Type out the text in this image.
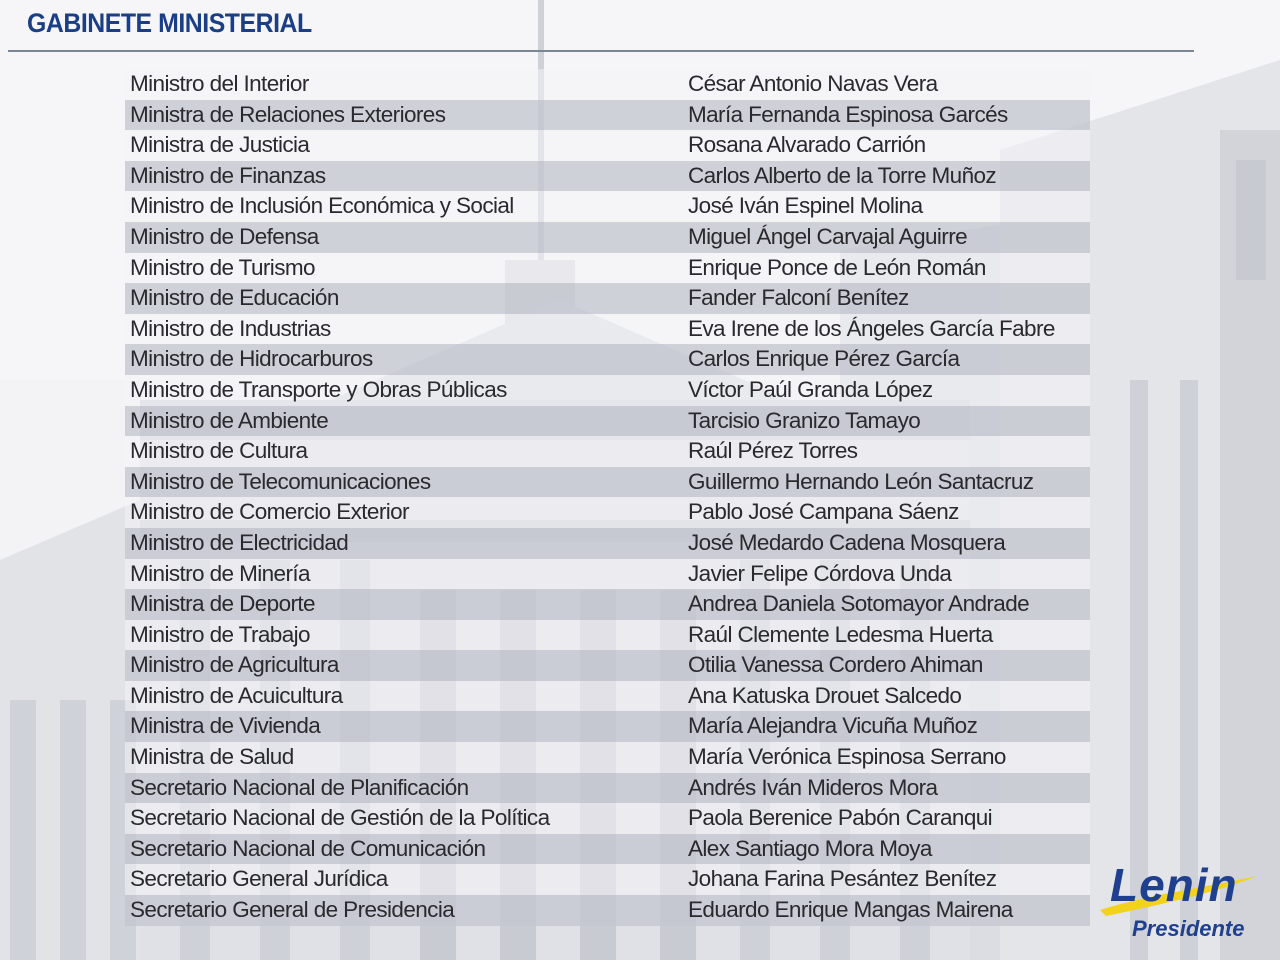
GABINETE MINISTERIAL
Ministro del Interior	César Antonio Navas Vera
Ministra de Relaciones Exteriores	María Fernanda Espinosa Garcés
Ministra de Justicia	Rosana Alvarado Carrión
Ministro de Finanzas	Carlos Alberto de la Torre Muñoz
Ministro de Inclusión Económica y Social	José Iván Espinel Molina
Ministro de Defensa	Miguel Ángel Carvajal Aguirre
Ministro de Turismo	Enrique Ponce de León Román
Ministro de Educación	Fander Falconí Benítez
Ministro de Industrias	Eva Irene de los Ángeles García Fabre
Ministro de Hidrocarburos	Carlos Enrique Pérez García
Ministro de Transporte y Obras Públicas	Víctor Paúl Granda López
Ministro de Ambiente	Tarcisio Granizo Tamayo
Ministro de Cultura	Raúl Pérez Torres
Ministro de Telecomunicaciones	Guillermo Hernando León Santacruz
Ministro de Comercio Exterior	Pablo José Campana Sáenz
Ministro de Electricidad	José Medardo Cadena Mosquera
Ministro de Minería	Javier Felipe Córdova Unda
Ministra de Deporte	Andrea Daniela Sotomayor Andrade
Ministro de Trabajo	Raúl Clemente Ledesma Huerta
Ministro de Agricultura	Otilia Vanessa Cordero Ahiman
Ministro de Acuicultura	Ana Katuska Drouet Salcedo
Ministra de Vivienda	María Alejandra Vicuña Muñoz
Ministra de Salud	María Verónica Espinosa Serrano
Secretario Nacional de Planificación	Andrés Iván Mideros Mora
Secretario Nacional de Gestión de la Política	Paola Berenice Pabón Caranqui
Secretario Nacional de Comunicación	Alex Santiago Mora Moya
Secretario General Jurídica	Johana Farina Pesántez Benítez
Secretario General de Presidencia	Eduardo Enrique Mangas Mairena Lenin
Presidente
